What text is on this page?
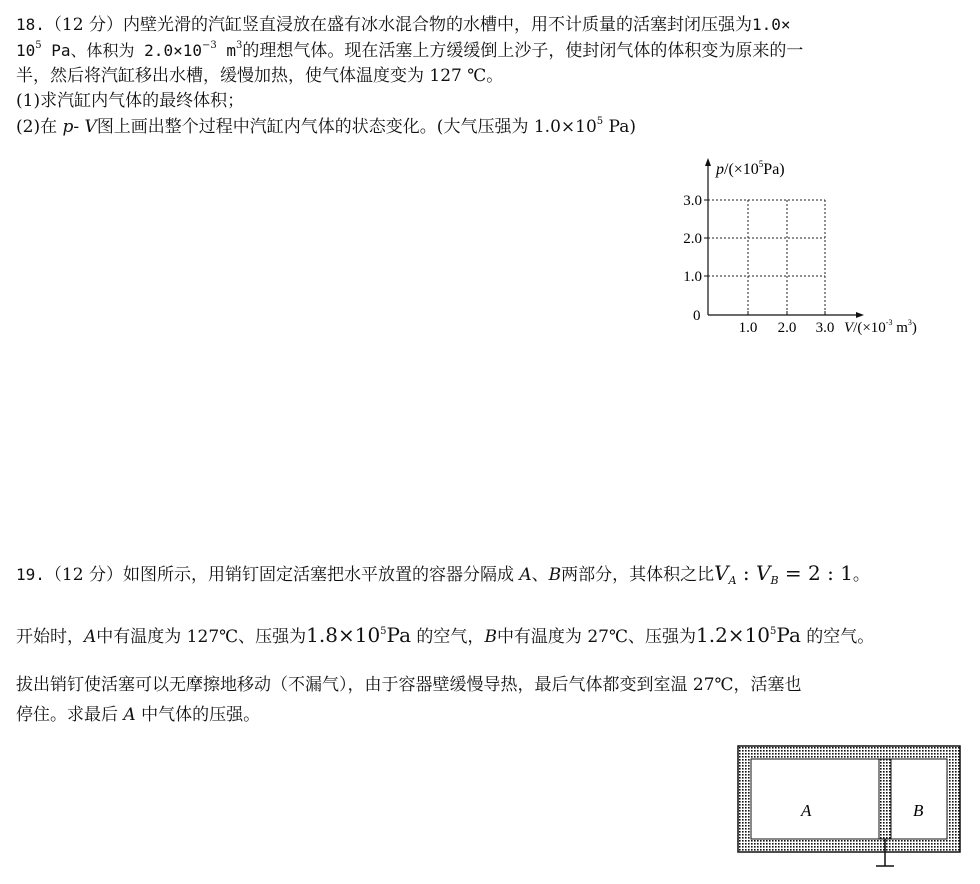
18.（12 分）内壁光滑的汽缸竖直浸放在盛有冰水混合物的水槽中，用不计质量的活塞封闭压强为1.0×
$10^5$ Pa、体积为 $2.0\times 10^{-3}$ $m^3$的理想气体。现在活塞上方缓缓倒上沙子，使封闭气体的体积变为原来的一
半，然后将汽缸移出水槽，缓慢加热，使气体温度变为 127 ℃。
(1)求汽缸内气体的最终体积；
(2)在 p- V图上画出整个过程中汽缸内气体的状态变化。(大气压强为 $1.0\times 10^5$ Pa)
$p/(\times 10^5Pa)$
3.0
2.0
1.0
0
1.0 2.0 3.0 $V/(\times 10^{-3}$ $m^3$)
19.（12 分）如图所示，用销钉固定活塞把水平放置的容器分隔成 A、B两部分，其体积之比$V_A$ : $V_B = 2$ : 1。
开始时，A中有温度为 127℃、压强为$1.8\times 10^5Pa$ 的空气，B中有温度为 27℃、压强为$1.2\times 10^5Pa$ 的空气。
拔出销钉使活塞可以无摩擦地移动（不漏气），由于容器壁缓慢导热，最后气体都变到室温 27℃，活塞也
停住。求最后 A 中气体的压强。
A	B
